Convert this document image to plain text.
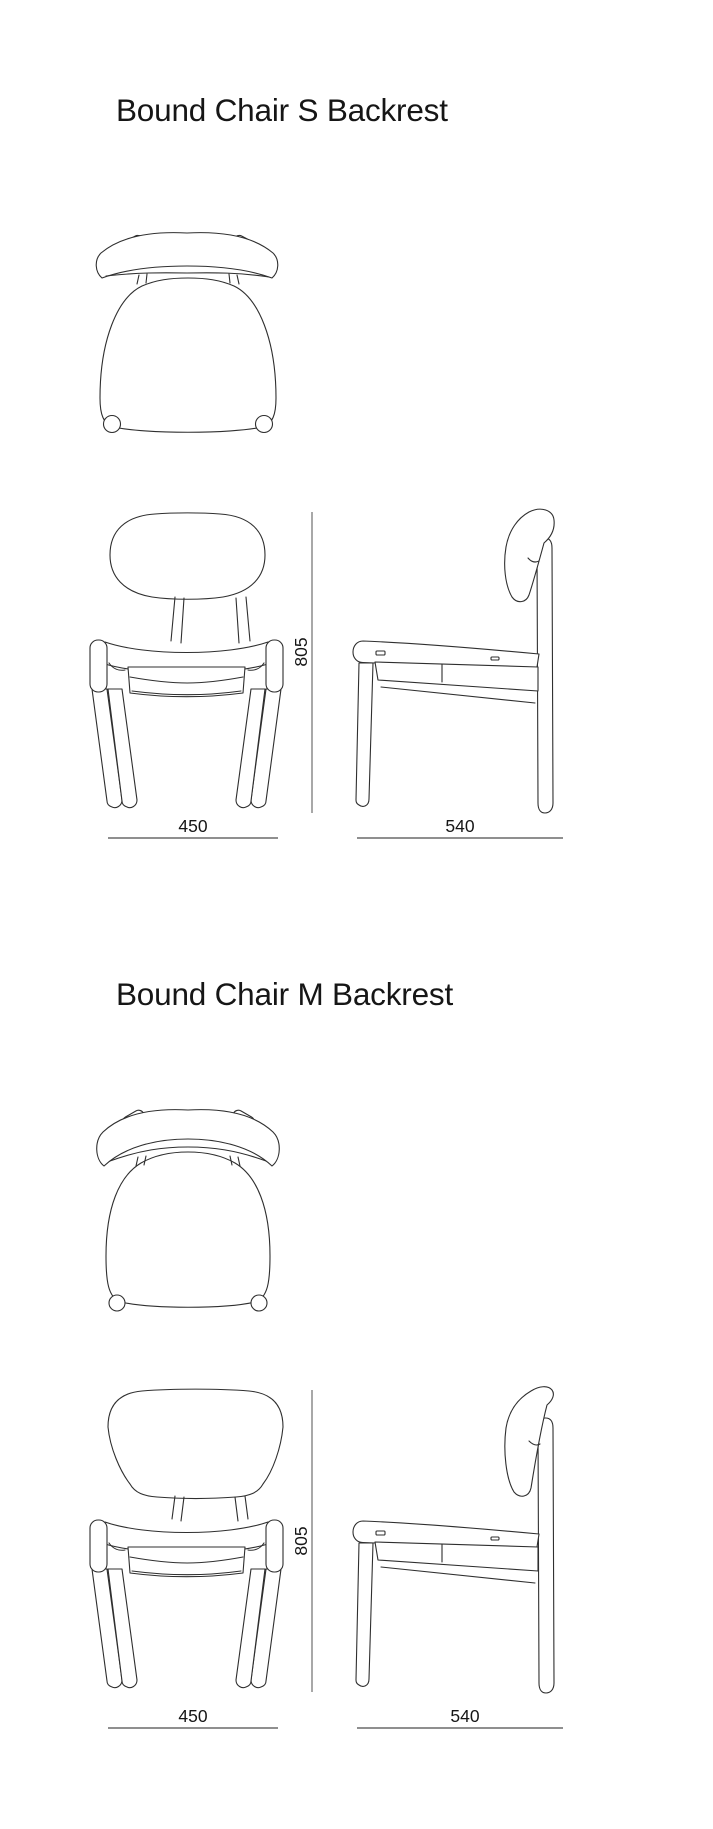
Bound Chair S Backrest
805
450	540
Bound Chair M Backrest
805
450	540
